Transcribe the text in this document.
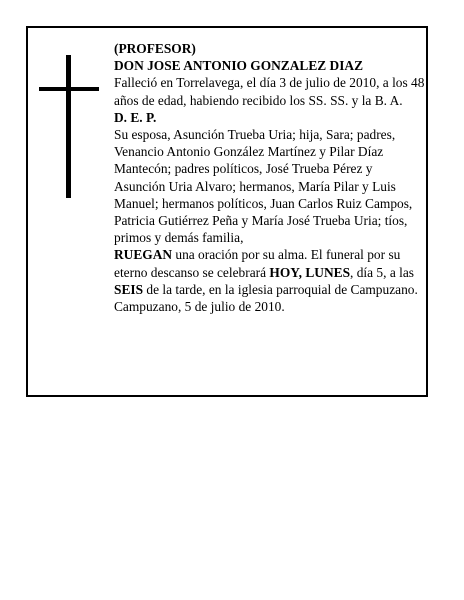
(PROFESOR)

DON JOSE ANTONIO GONZALEZ DIAZ

Falleció en Torrelavega, el día 3 de julio de 2010, a los 48 años de edad, habiendo recibido los SS. SS. y la B. A.

D. E. P.

Su esposa, Asunción Trueba Uria; hija, Sara; padres, Venancio Antonio González Martínez y Pilar Díaz Mantecón; padres políticos, José Trueba Pérez y Asunción Uria Alvaro; hermanos, María Pilar y Luis Manuel; hermanos políticos, Juan Carlos Ruiz Campos, Patricia Gutiérrez Peña y María José Trueba Uria; tíos, primos y demás familia,

RUEGAN una oración por su alma. El funeral por su eterno descanso se celebrará HOY, LUNES, día 5, a las SEIS de la tarde, en la iglesia parroquial de Campuzano.

Campuzano, 5 de julio de 2010.
